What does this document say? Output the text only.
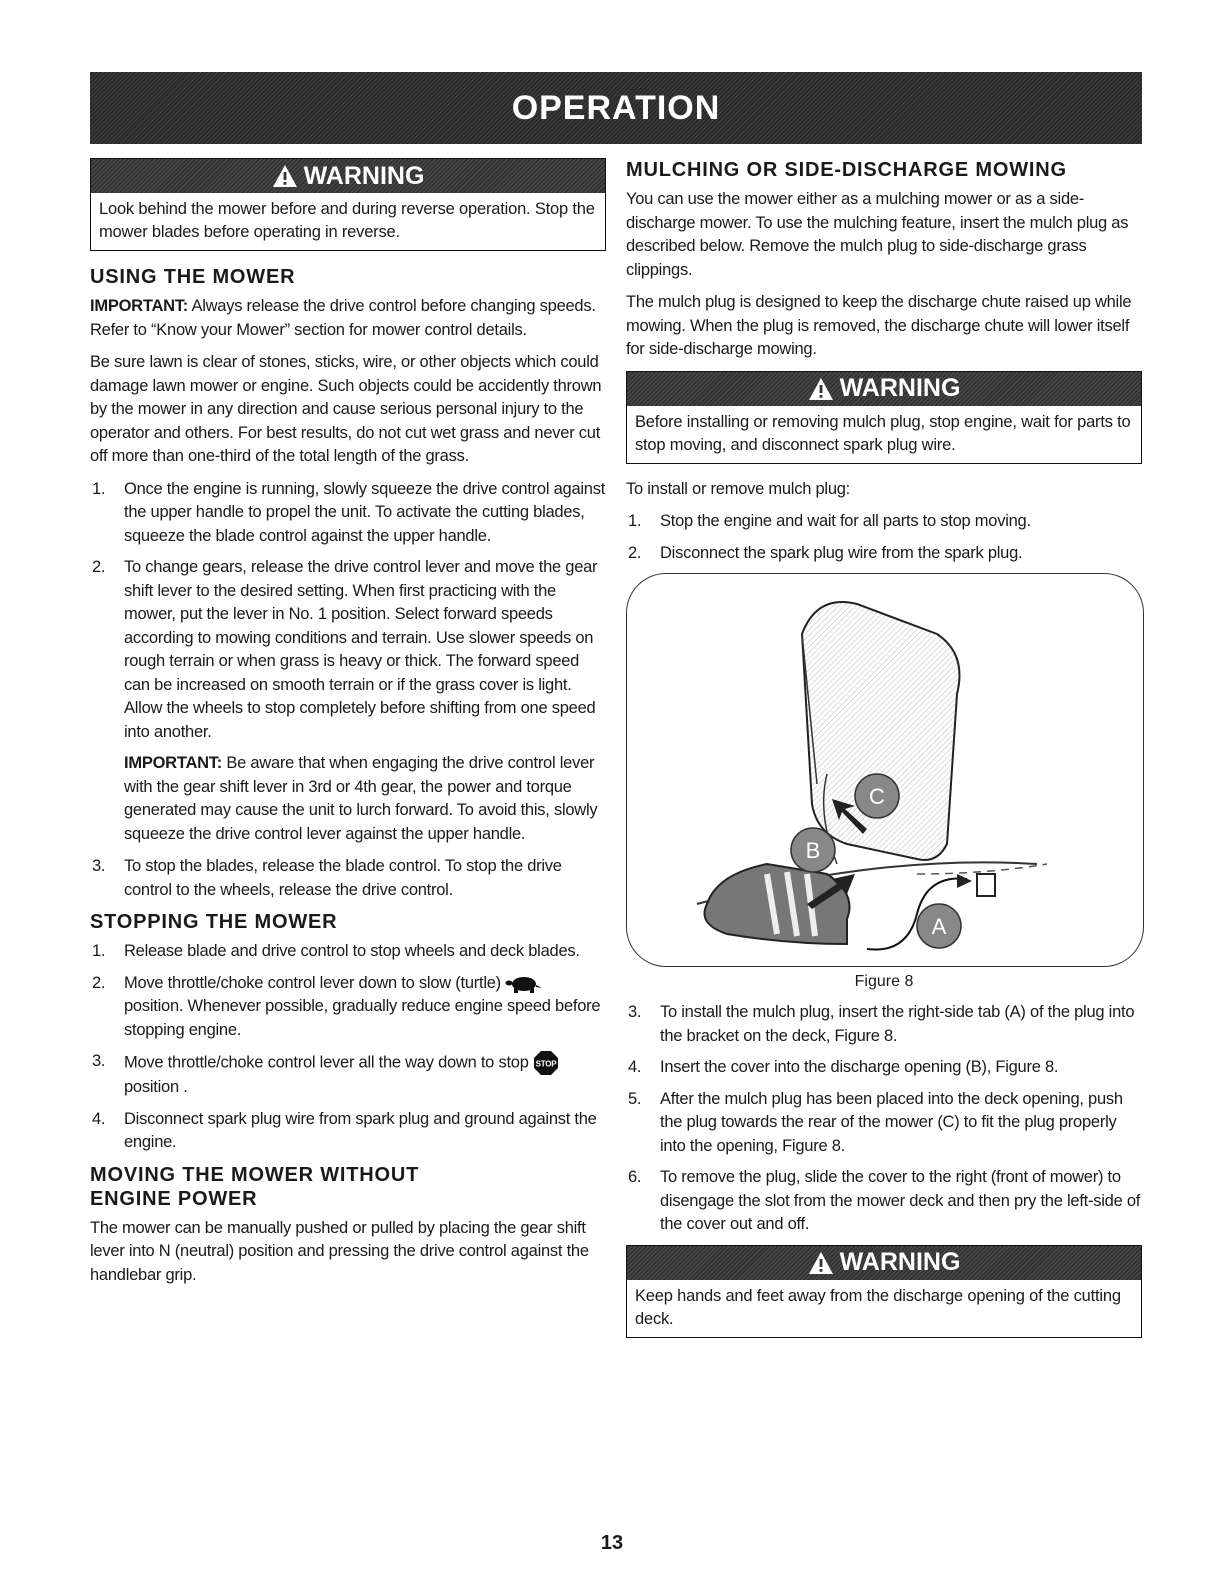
OPERATION
WARNING
Look behind the mower before and during reverse operation. Stop the mower blades before operating in reverse.
USING THE MOWER

IMPORTANT: Always release the drive control before changing speeds. Refer to “Know your Mower” section for mower control details.

Be sure lawn is clear of stones, sticks, wire, or other objects which could damage lawn mower or engine. Such objects could be accidently thrown by the mower in any direction and cause serious personal injury to the operator and others. For best results, do not cut wet grass and never cut off more than one-third of the total length of the grass.

1. Once the engine is running, slowly squeeze the drive control against the upper handle to propel the unit. To activate the cutting blades, squeeze the blade control against the upper handle.
2. To change gears, release the drive control lever and move the gear shift lever to the desired setting. When first practicing with the mower, put the lever in No. 1 position. Select forward speeds according to mowing conditions and terrain. Use slower speeds on rough terrain or when grass is heavy or thick. The forward speed can be increased on smooth terrain or if the grass cover is light. Allow the wheels to stop completely before shifting from one speed into another.

IMPORTANT: Be aware that when engaging the drive control lever with the gear shift lever in 3rd or 4th gear, the power and torque generated may cause the unit to lurch forward. To avoid this, slowly squeeze the drive control lever against the upper handle.

3. To stop the blades, release the blade control. To stop the drive control to the wheels, release the drive control.
STOPPING THE MOWER
1. Release blade and drive control to stop wheels and deck blades.
2. Move throttle/choke control lever down to slow (turtle)  position. Whenever possible, gradually reduce engine speed before stopping engine.
3. Move throttle/choke control lever all the way down to stop STOP
position .
4. Disconnect spark plug wire from spark plug and ground against the engine.
MOVING THE MOWER WITHOUT
ENGINE POWER

The mower can be manually pushed or pulled by placing the gear shift lever into N (neutral) position and pressing the drive control against the handlebar grip.

MULCHING OR SIDE-DISCHARGE MOWING

You can use the mower either as a mulching mower or as a side-discharge mower. To use the mulching feature, insert the mulch plug as described below. Remove the mulch plug to side-discharge grass clippings.

The mulch plug is designed to keep the discharge chute raised up while mowing. When the plug is removed, the discharge chute will lower itself for side-discharge mowing.

WARNING
Before installing or removing mulch plug, stop engine, wait for parts to stop moving, and disconnect spark plug wire.

To install or remove mulch plug:

1. Stop the engine and wait for all parts to stop moving.
2. Disconnect the spark plug wire from the spark plug.
C
B
A
Figure 8
3. To install the mulch plug, insert the right-side tab (A) of the plug into the bracket on the deck, Figure 8.
4. Insert the cover into the discharge opening (B), Figure 8.
5. After the mulch plug has been placed into the deck opening, push the plug towards the rear of the mower (C) to fit the plug properly into the opening, Figure 8.
6. To remove the plug, slide the cover to the right (front of mower) to disengage the slot from the mower deck and then pry the left-side of the cover out and off.
WARNING
Keep hands and feet away from the discharge opening of the cutting deck.
13
